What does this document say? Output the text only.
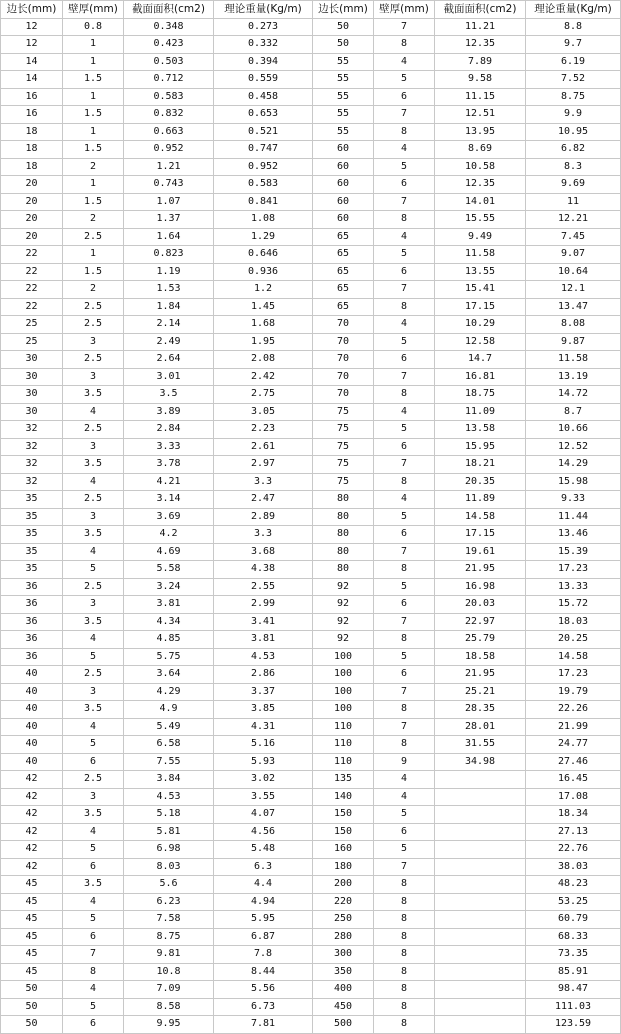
边长(mm)	壁厚(mm)	截面面积(cm2)	理论重量(Kg/m)	边长(mm)	壁厚(mm)	截面面积(cm2)	理论重量(Kg/m)
12	0.8	0.348	0.273	50	7	11.21	8.8
12	1	0.423	0.332	50	8	12.35	9.7
14	1	0.503	0.394	55	4	7.89	6.19
14	1.5	0.712	0.559	55	5	9.58	7.52
16	1	0.583	0.458	55	6	11.15	8.75
16	1.5	0.832	0.653	55	7	12.51	9.9
18	1	0.663	0.521	55	8	13.95	10.95
18	1.5	0.952	0.747	60	4	8.69	6.82
18	2	1.21	0.952	60	5	10.58	8.3
20	1	0.743	0.583	60	6	12.35	9.69
20	1.5	1.07	0.841	60	7	14.01	11
20	2	1.37	1.08	60	8	15.55	12.21
20	2.5	1.64	1.29	65	4	9.49	7.45
22	1	0.823	0.646	65	5	11.58	9.07
22	1.5	1.19	0.936	65	6	13.55	10.64
22	2	1.53	1.2	65	7	15.41	12.1
22	2.5	1.84	1.45	65	8	17.15	13.47
25	2.5	2.14	1.68	70	4	10.29	8.08
25	3	2.49	1.95	70	5	12.58	9.87
30	2.5	2.64	2.08	70	6	14.7	11.58
30	3	3.01	2.42	70	7	16.81	13.19
30	3.5	3.5	2.75	70	8	18.75	14.72
30	4	3.89	3.05	75	4	11.09	8.7
32	2.5	2.84	2.23	75	5	13.58	10.66
32	3	3.33	2.61	75	6	15.95	12.52
32	3.5	3.78	2.97	75	7	18.21	14.29
32	4	4.21	3.3	75	8	20.35	15.98
35	2.5	3.14	2.47	80	4	11.89	9.33
35	3	3.69	2.89	80	5	14.58	11.44
35	3.5	4.2	3.3	80	6	17.15	13.46
35	4	4.69	3.68	80	7	19.61	15.39
35	5	5.58	4.38	80	8	21.95	17.23
36	2.5	3.24	2.55	92	5	16.98	13.33
36	3	3.81	2.99	92	6	20.03	15.72
36	3.5	4.34	3.41	92	7	22.97	18.03
36	4	4.85	3.81	92	8	25.79	20.25
36	5	5.75	4.53	100	5	18.58	14.58
40	2.5	3.64	2.86	100	6	21.95	17.23
40	3	4.29	3.37	100	7	25.21	19.79
40	3.5	4.9	3.85	100	8	28.35	22.26
40	4	5.49	4.31	110	7	28.01	21.99
40	5	6.58	5.16	110	8	31.55	24.77
40	6	7.55	5.93	110	9	34.98	27.46
42	2.5	3.84	3.02	135	4		16.45
42	3	4.53	3.55	140	4		17.08
42	3.5	5.18	4.07	150	5		18.34
42	4	5.81	4.56	150	6		27.13
42	5	6.98	5.48	160	5		22.76
42	6	8.03	6.3	180	7		38.03
45	3.5	5.6	4.4	200	8		48.23
45	4	6.23	4.94	220	8		53.25
45	5	7.58	5.95	250	8		60.79
45	6	8.75	6.87	280	8		68.33
45	7	9.81	7.8	300	8		73.35
45	8	10.8	8.44	350	8		85.91
50	4	7.09	5.56	400	8		98.47
50	5	8.58	6.73	450	8		111.03
50	6	9.95	7.81	500	8		123.59
